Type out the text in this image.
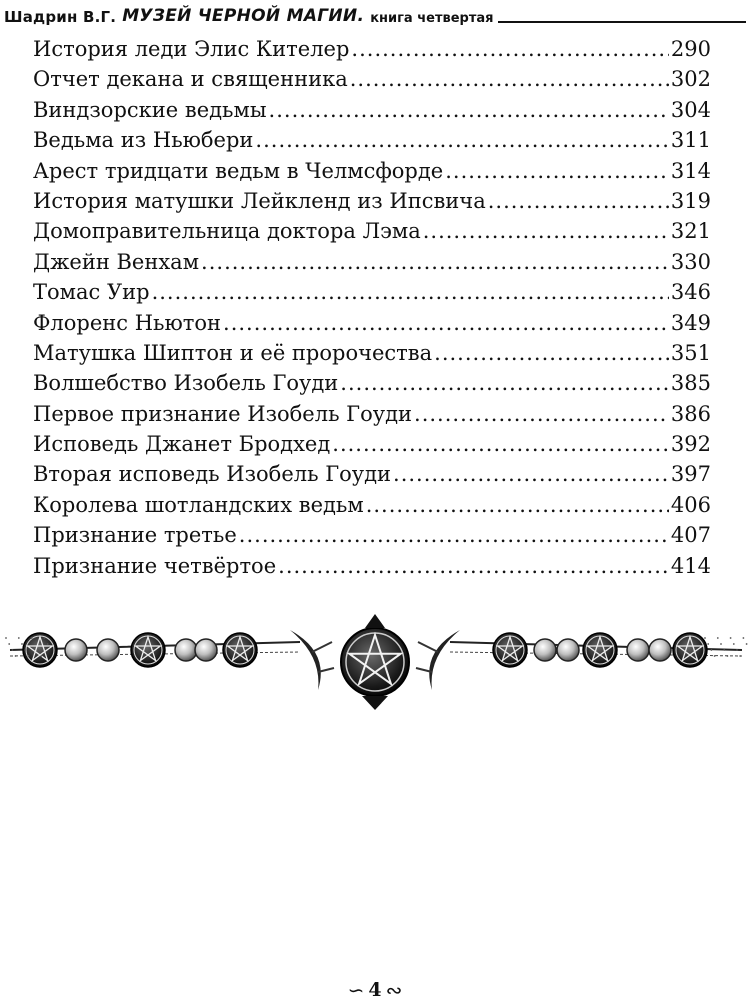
Шадрин В.Г. МУЗЕЙ ЧЕРНОЙ МАГИИ. книга четвертая
История леди Элис Кителер .....	290
Отчет декана и священника .....	302
Виндзорские ведьмы .....	304
Ведьма из Ньюбери .....	311
Арест тридцати ведьм в Челмсфорде .....	314
История матушки Лейкленд из Ипсвича .....	319
Домоправительница доктора Лэма .....	321
Джейн Венхам .....	330
Томас Уир .....	346
Флоренс Ньютон .....	349
Матушка Шиптон и её пророчества .....	351
Волшебство Изобель Гоуди .....	385
Первое признание Изобель Гоуди .....	386
Исповедь Джанет Бродхед .....	392
Вторая исповедь Изобель Гоуди .....	397
Королева шотландских ведьм .....	406
Признание третье .....	407
Признание четвёртое .....	414
∽ 4 ∾
